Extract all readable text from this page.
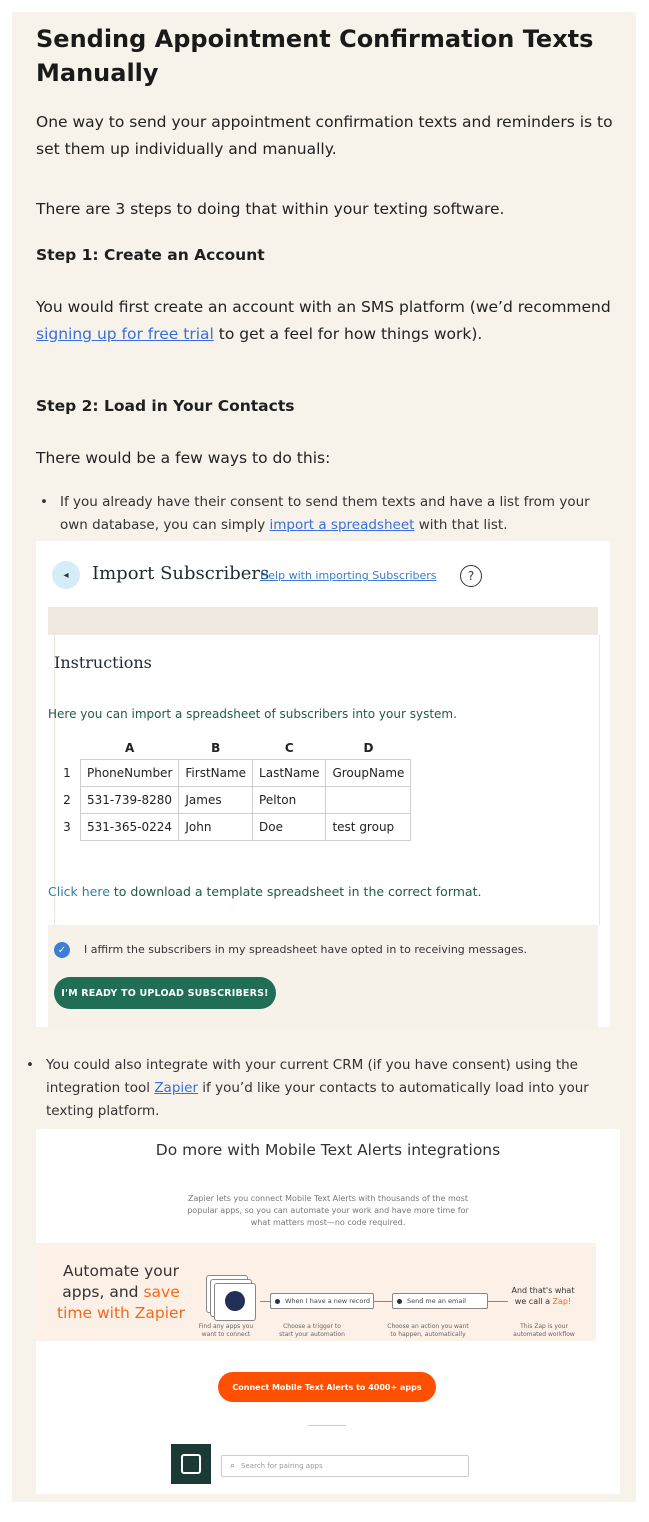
Sending Appointment Confirmation Texts Manually

One way to send your appointment confirmation texts and reminders is to set them up individually and manually.

There are 3 steps to doing that within your texting software.

Step 1: Create an Account

You would first create an account with an SMS platform (we’d recommend signing up for free trial to get a feel for how things work).

Step 2: Load in Your Contacts

There would be a few ways to do this:

• If you already have their consent to send them texts and have a list from your own database, you can simply import a spreadsheet with that list.
◂	Import Subscribers
Help with importing Subscribers	?
Instructions
Here you can import a spreadsheet of subscribers into your system.
	A	B	C	D
1	PhoneNumber	FirstName	LastName	GroupName
2	531-739-8280	James	Pelton	
3	531-365-0224	John	Doe	test group
Click here to download a template spreadsheet in the correct format.
✓	I affirm the subscribers in my spreadsheet have opted in to receiving messages.
I'M READY TO UPLOAD SUBSCRIBERS!
• You could also integrate with your current CRM (if you have consent) using the integration tool Zapier if you’d like your contacts to automatically load into your texting platform.
Do more with Mobile Text Alerts integrations
Zapier lets you connect Mobile Text Alerts with thousands of the most popular apps, so you can automate your work and have more time for what matters most—no code required.
Automate your apps, and save time with Zapier
When I have a new record	Send me an email
Find any apps you want to connect
Choose a trigger to start your automation
Choose an action you want to happen, automatically
This Zap is your automated workflow
And that's what we call a Zap!
Connect Mobile Text Alerts to 4000+ apps
⌕ Search for pairing apps
